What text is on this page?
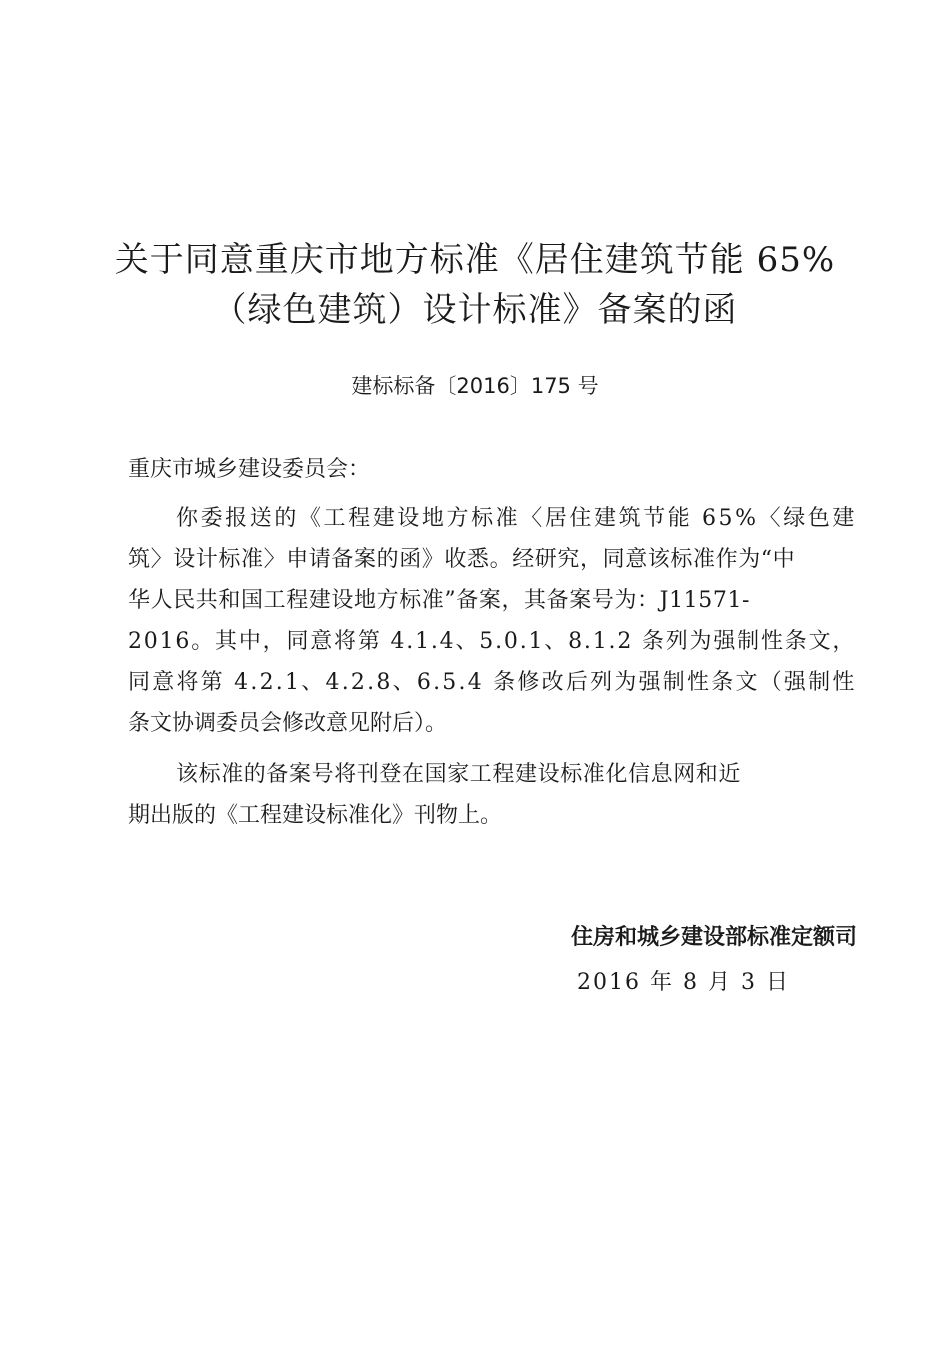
关于同意重庆市地方标准《居住建筑节能 65%
（绿色建筑）设计标准》备案的函
建标标备〔2016〕175 号
重庆市城乡建设委员会：
你委报送的《工程建设地方标准〈居住建筑节能 65%〈绿色建
筑〉设计标准〉申请备案的函》收悉。经研究，同意该标准作为“中
华人民共和国工程建设地方标准”备案，其备案号为：J11571-
2016。其中，同意将第 4.1.4、5.0.1、8.1.2 条列为强制性条文，
同意将第 4.2.1、4.2.8、6.5.4 条修改后列为强制性条文（强制性
条文协调委员会修改意见附后）。
该标准的备案号将刊登在国家工程建设标准化信息网和近
期出版的《工程建设标准化》刊物上。
住房和城乡建设部标准定额司
2016 年 8 月 3 日
